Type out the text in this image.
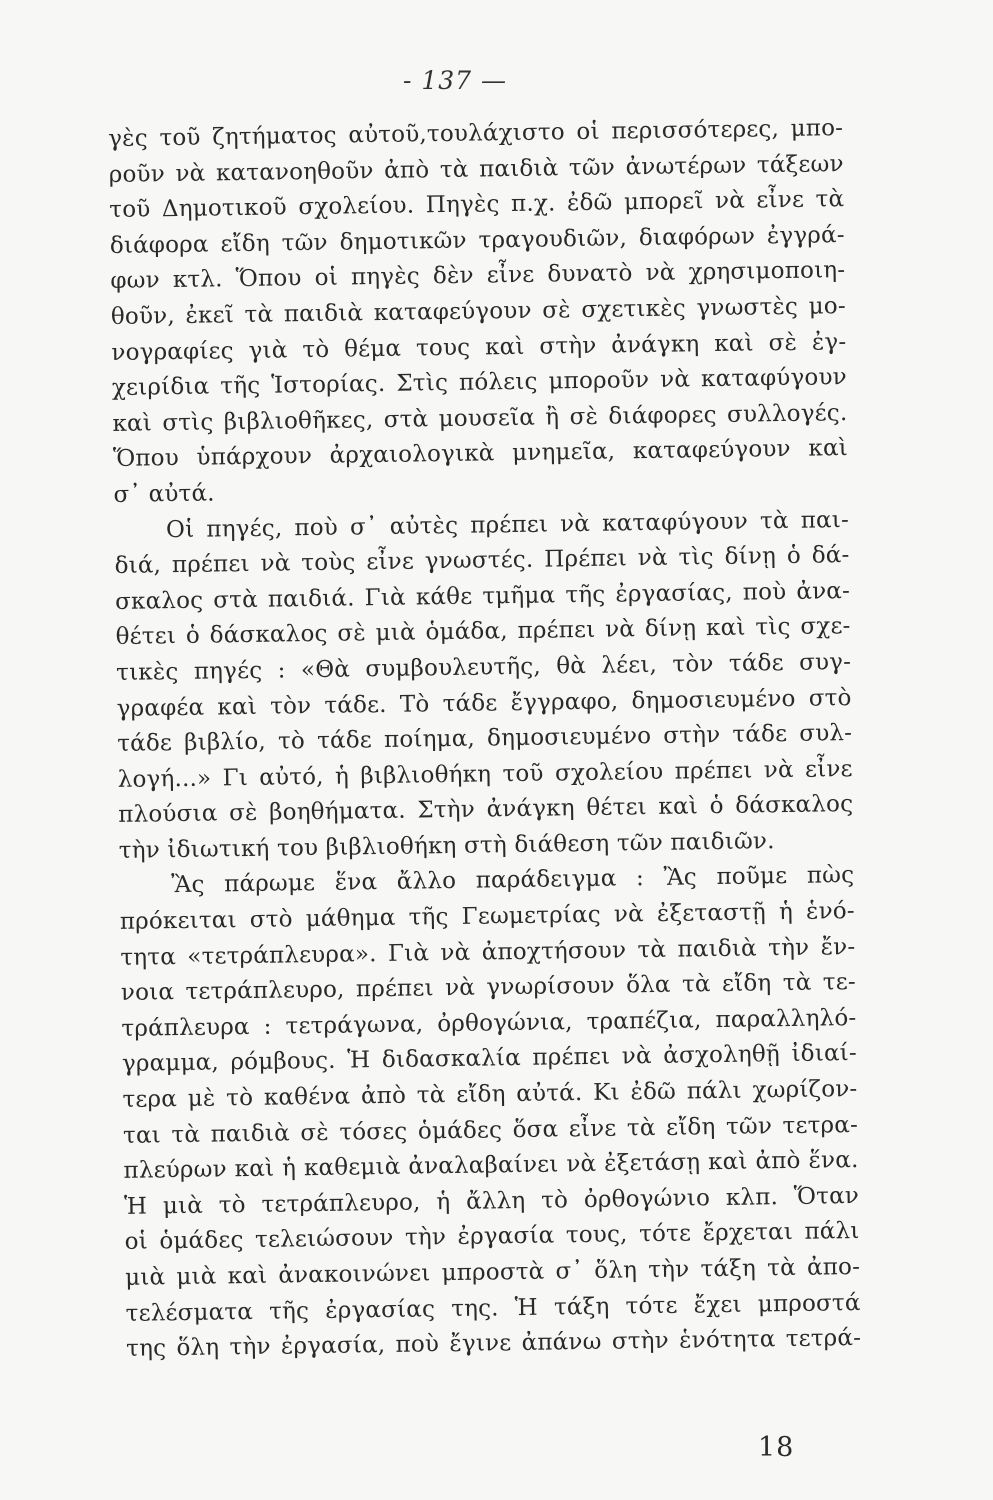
- 137 —
γὲς τοῦ ζητήματος αὐτοῦ,τουλάχιστο οἱ περισσότερες, μπο-
ροῦν νὰ κατανοηθοῦν ἀπὸ τὰ παιδιὰ τῶν ἀνωτέρων τάξεων
τοῦ Δημοτικοῦ σχολείου. Πηγὲς π.χ. ἐδῶ μπορεῖ νὰ εἶνε τὰ
διάφορα εἴδη τῶν δημοτικῶν τραγουδιῶν, διαφόρων ἐγγρά-
φων κτλ. Ὅπου οἱ πηγὲς δὲν εἶνε δυνατὸ νὰ χρησιμοποιη-
θοῦν, ἐκεῖ τὰ παιδιὰ καταφεύγουν σὲ σχετικὲς γνωστὲς μο-
νογραφίες γιὰ τὸ θέμα τους καὶ στὴν ἀνάγκη καὶ σὲ ἐγ-
χειρίδια τῆς Ἱστορίας. Στὶς πόλεις μποροῦν νὰ καταφύγουν
καὶ στὶς βιβλιοθῆκες, στὰ μουσεῖα ἢ σὲ διάφορες συλλογές.
Ὅπου ὑπάρχουν ἀρχαιολογικὰ μνημεῖα, καταφεύγουν καὶ
σ᾽ αὐτά.
Οἱ πηγές, ποὺ σ᾽ αὐτὲς πρέπει νὰ καταφύγουν τὰ παι-
διά, πρέπει νὰ τοὺς εἶνε γνωστές. Πρέπει νὰ τὶς δίνῃ ὁ δά-
σκαλος στὰ παιδιά. Γιὰ κάθε τμῆμα τῆς ἐργασίας, ποὺ ἀνα-
θέτει ὁ δάσκαλος σὲ μιὰ ὁμάδα, πρέπει νὰ δίνῃ καὶ τὶς σχε-
τικὲς πηγές : «Θὰ συμβουλευτῆς, θὰ λέει, τὸν τάδε συγ-
γραφέα καὶ τὸν τάδε. Τὸ τάδε ἔγγραφο, δημοσιευμένο στὸ
τάδε βιβλίο, τὸ τάδε ποίημα, δημοσιευμένο στὴν τάδε συλ-
λογή...» Γι αὐτό, ἡ βιβλιοθήκη τοῦ σχολείου πρέπει νὰ εἶνε
πλούσια σὲ βοηθήματα. Στὴν ἀνάγκη θέτει καὶ ὁ δάσκαλος
τὴν ἰδιωτική του βιβλιοθήκη στὴ διάθεση τῶν παιδιῶν.
Ἂς πάρωμε ἕνα ἄλλο παράδειγμα : Ἂς ποῦμε πὼς
πρόκειται στὸ μάθημα τῆς Γεωμετρίας νὰ ἐξεταστῇ ἡ ἑνό-
τητα «τετράπλευρα». Γιὰ νὰ ἀποχτήσουν τὰ παιδιὰ τὴν ἔν-
νοια τετράπλευρο, πρέπει νὰ γνωρίσουν ὅλα τὰ εἴδη τὰ τε-
τράπλευρα : τετράγωνα, ὀρθογώνια, τραπέζια, παραλληλό-
γραμμα, ρόμβους. Ἡ διδασκαλία πρέπει νὰ ἀσχοληθῇ ἰδιαί-
τερα μὲ τὸ καθένα ἀπὸ τὰ εἴδη αὐτά. Κι ἐδῶ πάλι χωρίζον-
ται τὰ παιδιὰ σὲ τόσες ὁμάδες ὅσα εἶνε τὰ εἴδη τῶν τετρα-
πλεύρων καὶ ἡ καθεμιὰ ἀναλαβαίνει νὰ ἐξετάσῃ καὶ ἀπὸ ἕνα.
Ἡ μιὰ τὸ τετράπλευρο, ἡ ἄλλη τὸ ὀρθογώνιο κλπ. Ὅταν
οἱ ὁμάδες τελειώσουν τὴν ἐργασία τους, τότε ἔρχεται πάλι
μιὰ μιὰ καὶ ἀνακοινώνει μπροστὰ σ᾽ ὅλη τὴν τάξη τὰ ἀπο-
τελέσματα τῆς ἐργασίας της. Ἡ τάξη τότε ἔχει μπροστά
της ὅλη τὴν ἐργασία, ποὺ ἔγινε ἀπάνω στὴν ἑνότητα τετρά-
18
